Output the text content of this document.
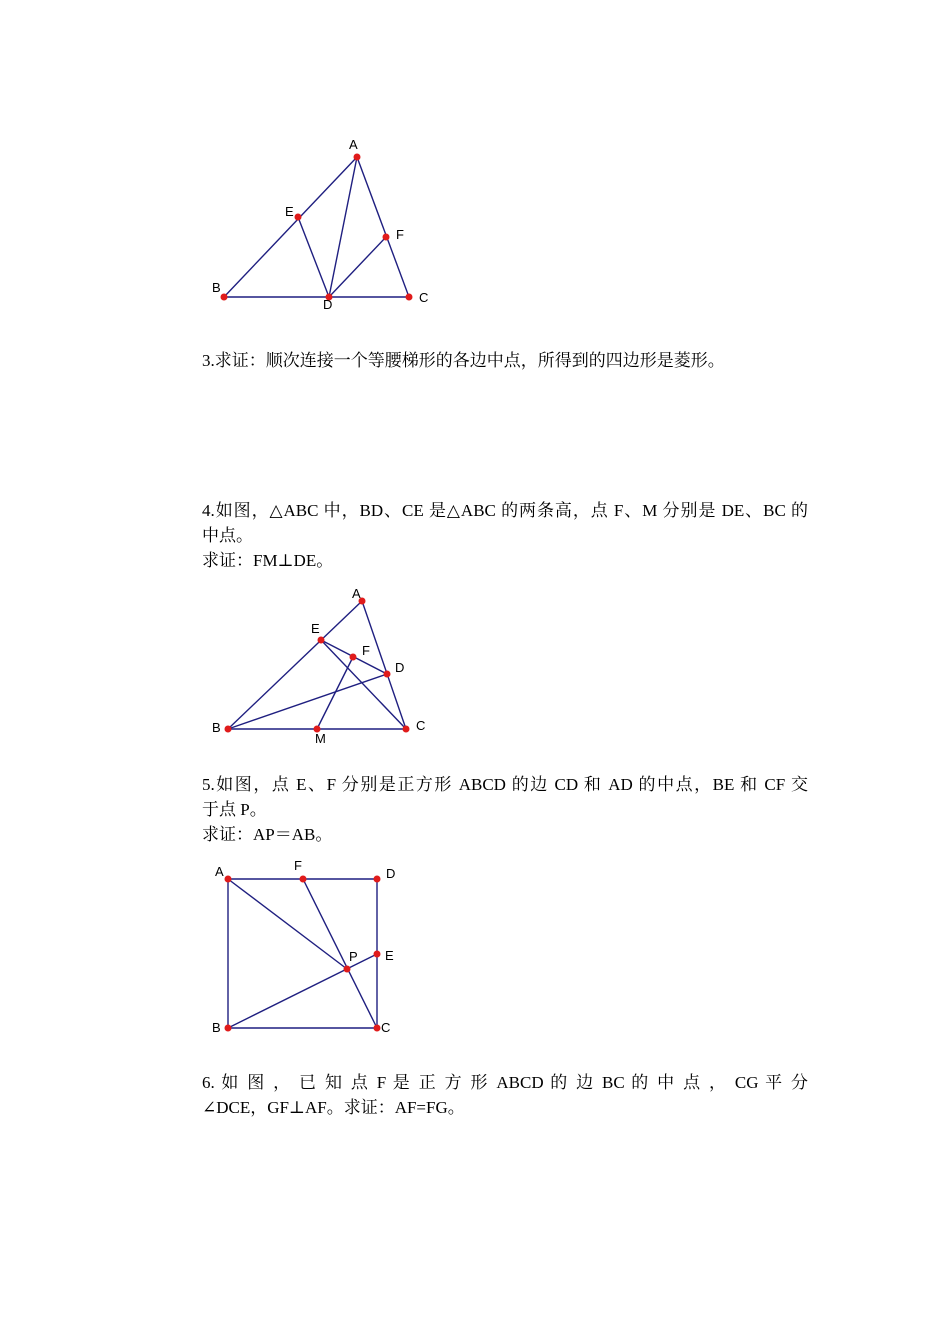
A
E
F
B
D	C

3.求证：顺次连接一个等腰梯形的各边中点，所得到的四边形是菱形。

4.如图，△ABC 中，BD、CE 是△ABC 的两条高，点 F、M 分别是 DE、BC 的

中点。

求证：FM⊥DE。

A
E
F
D
B
M
C

5.如图，点 E、F 分别是正方形 ABCD 的边 CD 和 AD 的中点，BE 和 CF 交

于点 P。

求证：AP＝AB。

A	F
D
E
P
B	C

6. 如 图 ， 已 知 点 F 是 正 方 形 ABCD 的 边 BC 的 中 点 ， CG 平 分

∠DCE，GF⊥AF。求证：AF=FG。
